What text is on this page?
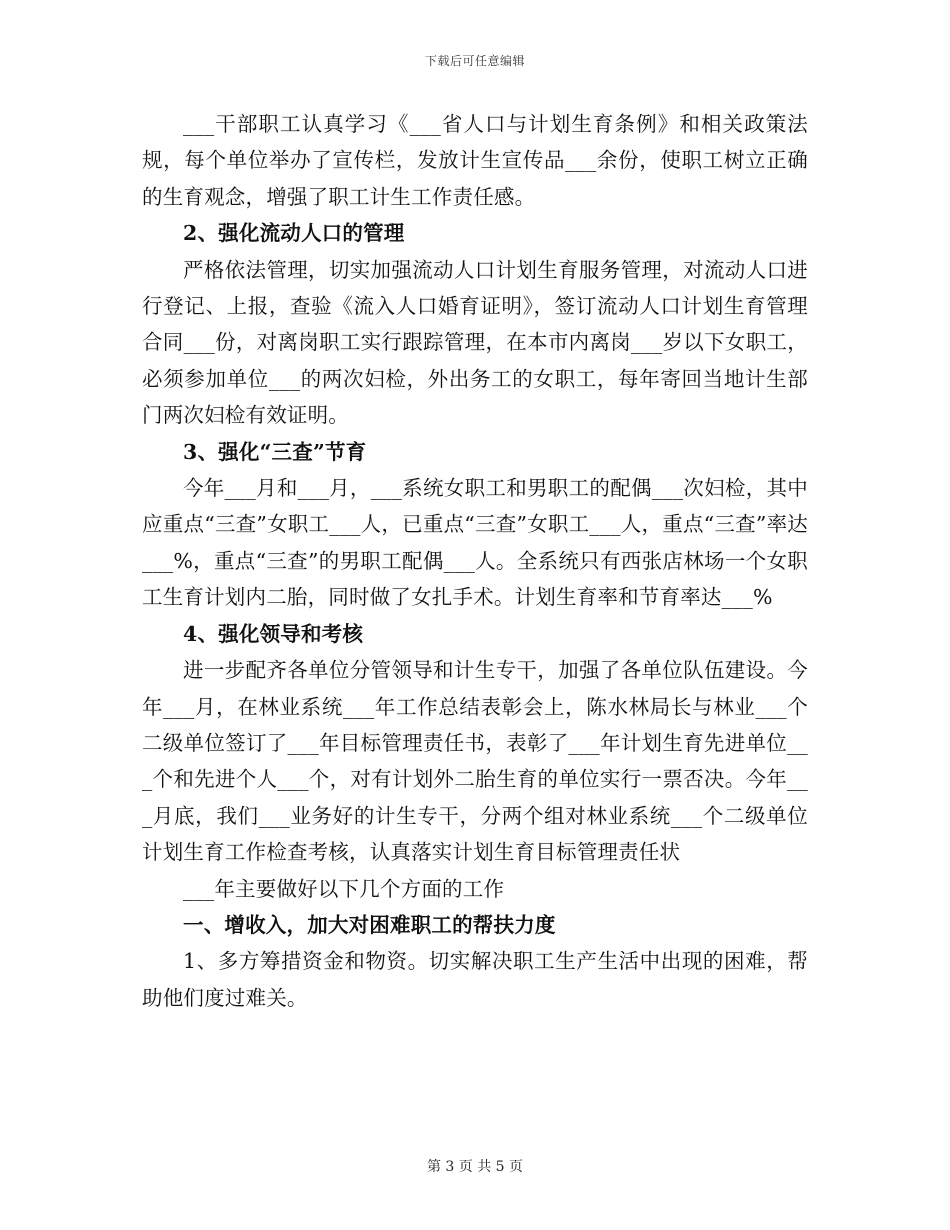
下载后可任意编辑

___干部职工认真学习《___省人口与计划生育条例》和相关政策法规，每个单位举办了宣传栏，发放计生宣传品___余份，使职工树立正确的生育观念，增强了职工计生工作责任感。

2、强化流动人口的管理

严格依法管理，切实加强流动人口计划生育服务管理，对流动人口进行登记、上报，查验《流入人口婚育证明》，签订流动人口计划生育管理合同___份，对离岗职工实行跟踪管理，在本市内离岗___岁以下女职工，必须参加单位___的两次妇检，外出务工的女职工，每年寄回当地计生部门两次妇检有效证明。

3、强化“三查”节育

今年___月和___月，___系统女职工和男职工的配偶___次妇检，其中应重点“三查”女职工___人，已重点“三查”女职工___人，重点“三查”率达___%，重点“三查”的男职工配偶___人。全系统只有西张店林场一个女职工生育计划内二胎，同时做了女扎手术。计划生育率和节育率达___%

4、强化领导和考核

进一步配齐各单位分管领导和计生专干，加强了各单位队伍建设。今年___月，在林业系统___年工作总结表彰会上，陈水林局长与林业___个二级单位签订了___年目标管理责任书，表彰了___年计划生育先进单位___个和先进个人___个，对有计划外二胎生育的单位实行一票否决。今年___月底，我们___业务好的计生专干，分两个组对林业系统___个二级单位计划生育工作检查考核，认真落实计划生育目标管理责任状

___年主要做好以下几个方面的工作

一、增收入，加大对困难职工的帮扶力度

1、多方筹措资金和物资。切实解决职工生产生活中出现的困难，帮助他们度过难关。

第 3 页 共 5 页
